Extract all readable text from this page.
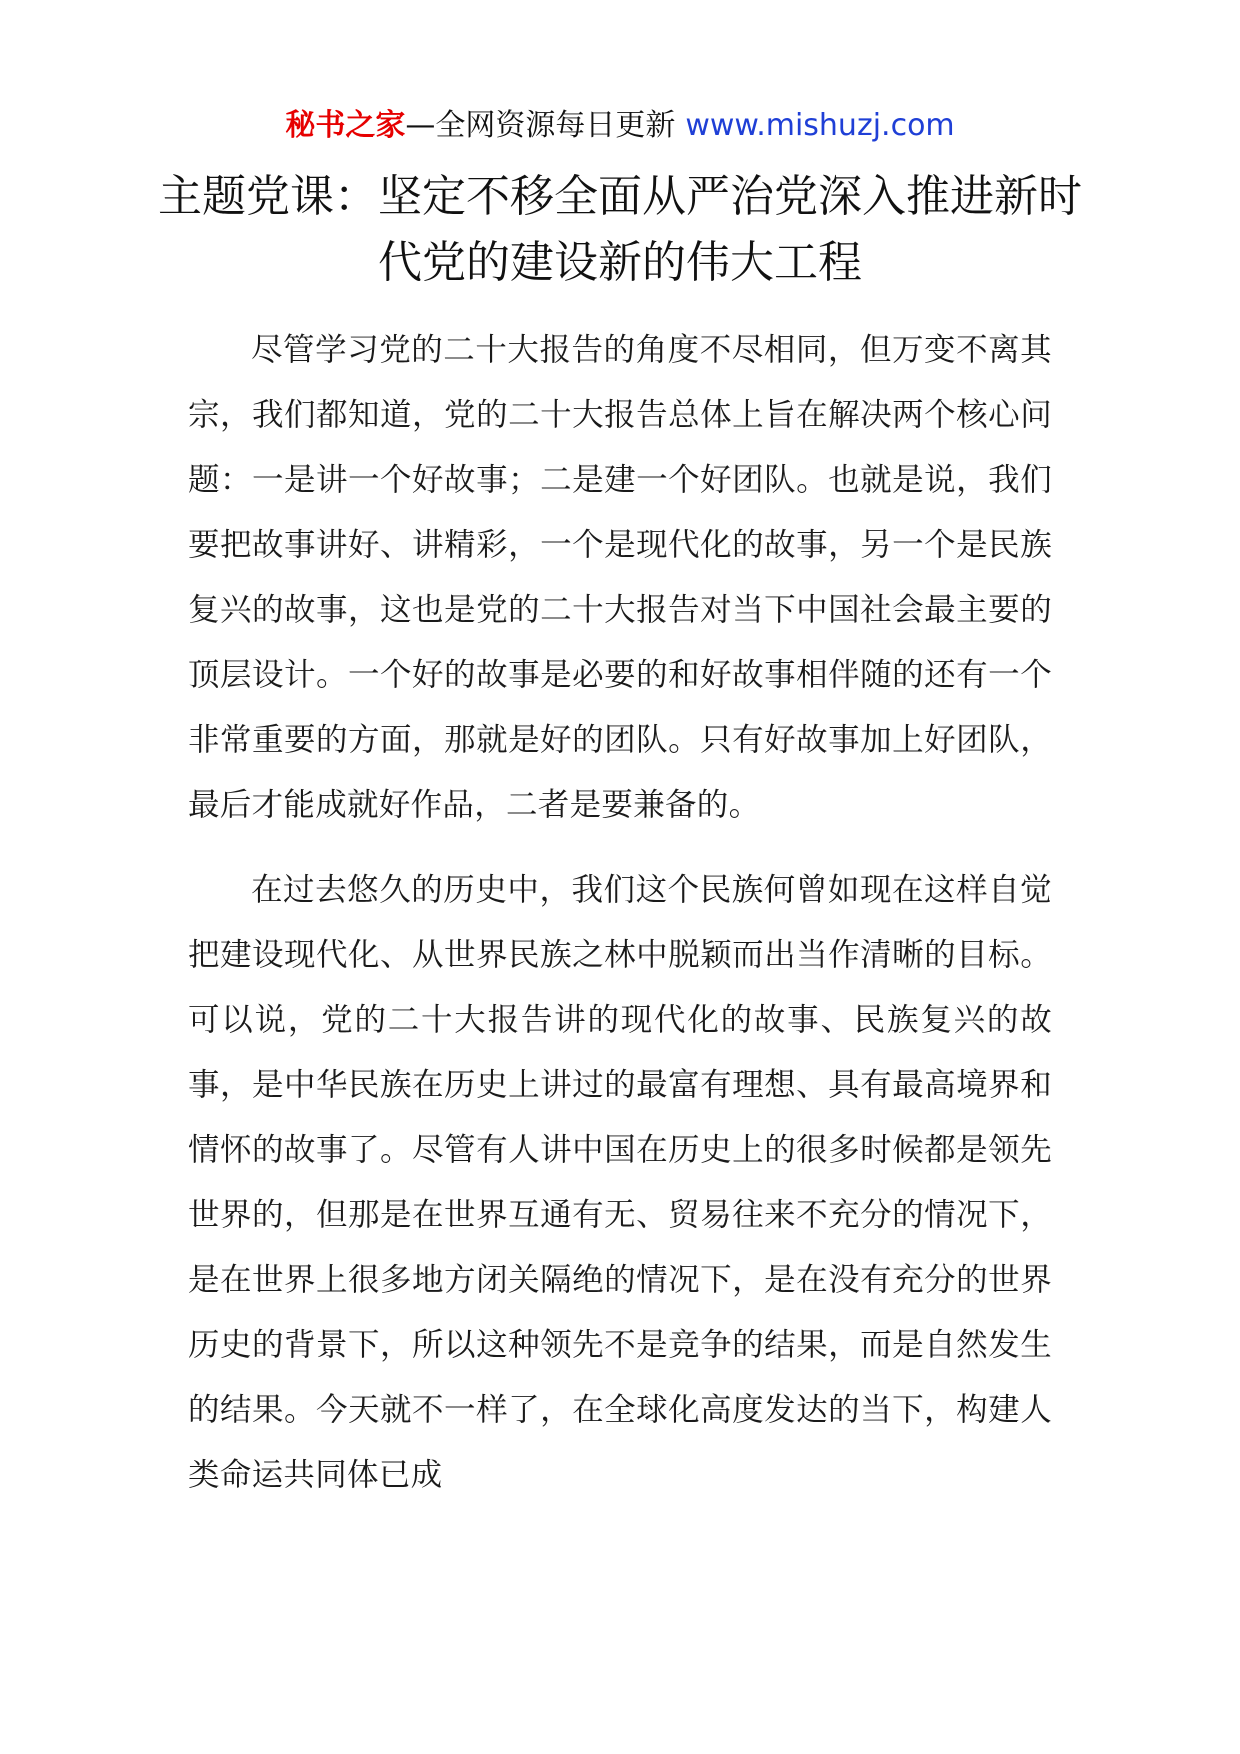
秘书之家—全网资源每日更新 www.mishuzj.com
主题党课：坚定不移全面从严治党深入推进新时代党的建设新的伟大工程

尽管学习党的二十大报告的角度不尽相同，但万变不离其宗，我们都知道，党的二十大报告总体上旨在解决两个核心问题：一是讲一个好故事；二是建一个好团队。也就是说，我们要把故事讲好、讲精彩，一个是现代化的故事，另一个是民族复兴的故事，这也是党的二十大报告对当下中国社会最主要的顶层设计。一个好的故事是必要的和好故事相伴随的还有一个非常重要的方面，那就是好的团队。只有好故事加上好团队，最后才能成就好作品，二者是要兼备的。

在过去悠久的历史中，我们这个民族何曾如现在这样自觉把建设现代化、从世界民族之林中脱颖而出当作清晰的目标。可以说，党的二十大报告讲的现代化的故事、民族复兴的故事，是中华民族在历史上讲过的最富有理想、具有最高境界和情怀的故事了。尽管有人讲中国在历史上的很多时候都是领先世界的，但那是在世界互通有无、贸易往来不充分的情况下，是在世界上很多地方闭关隔绝的情况下，是在没有充分的世界历史的背景下，所以这种领先不是竞争的结果，而是自然发生的结果。今天就不一样了，在全球化高度发达的当下，构建人类命运共同体已成
